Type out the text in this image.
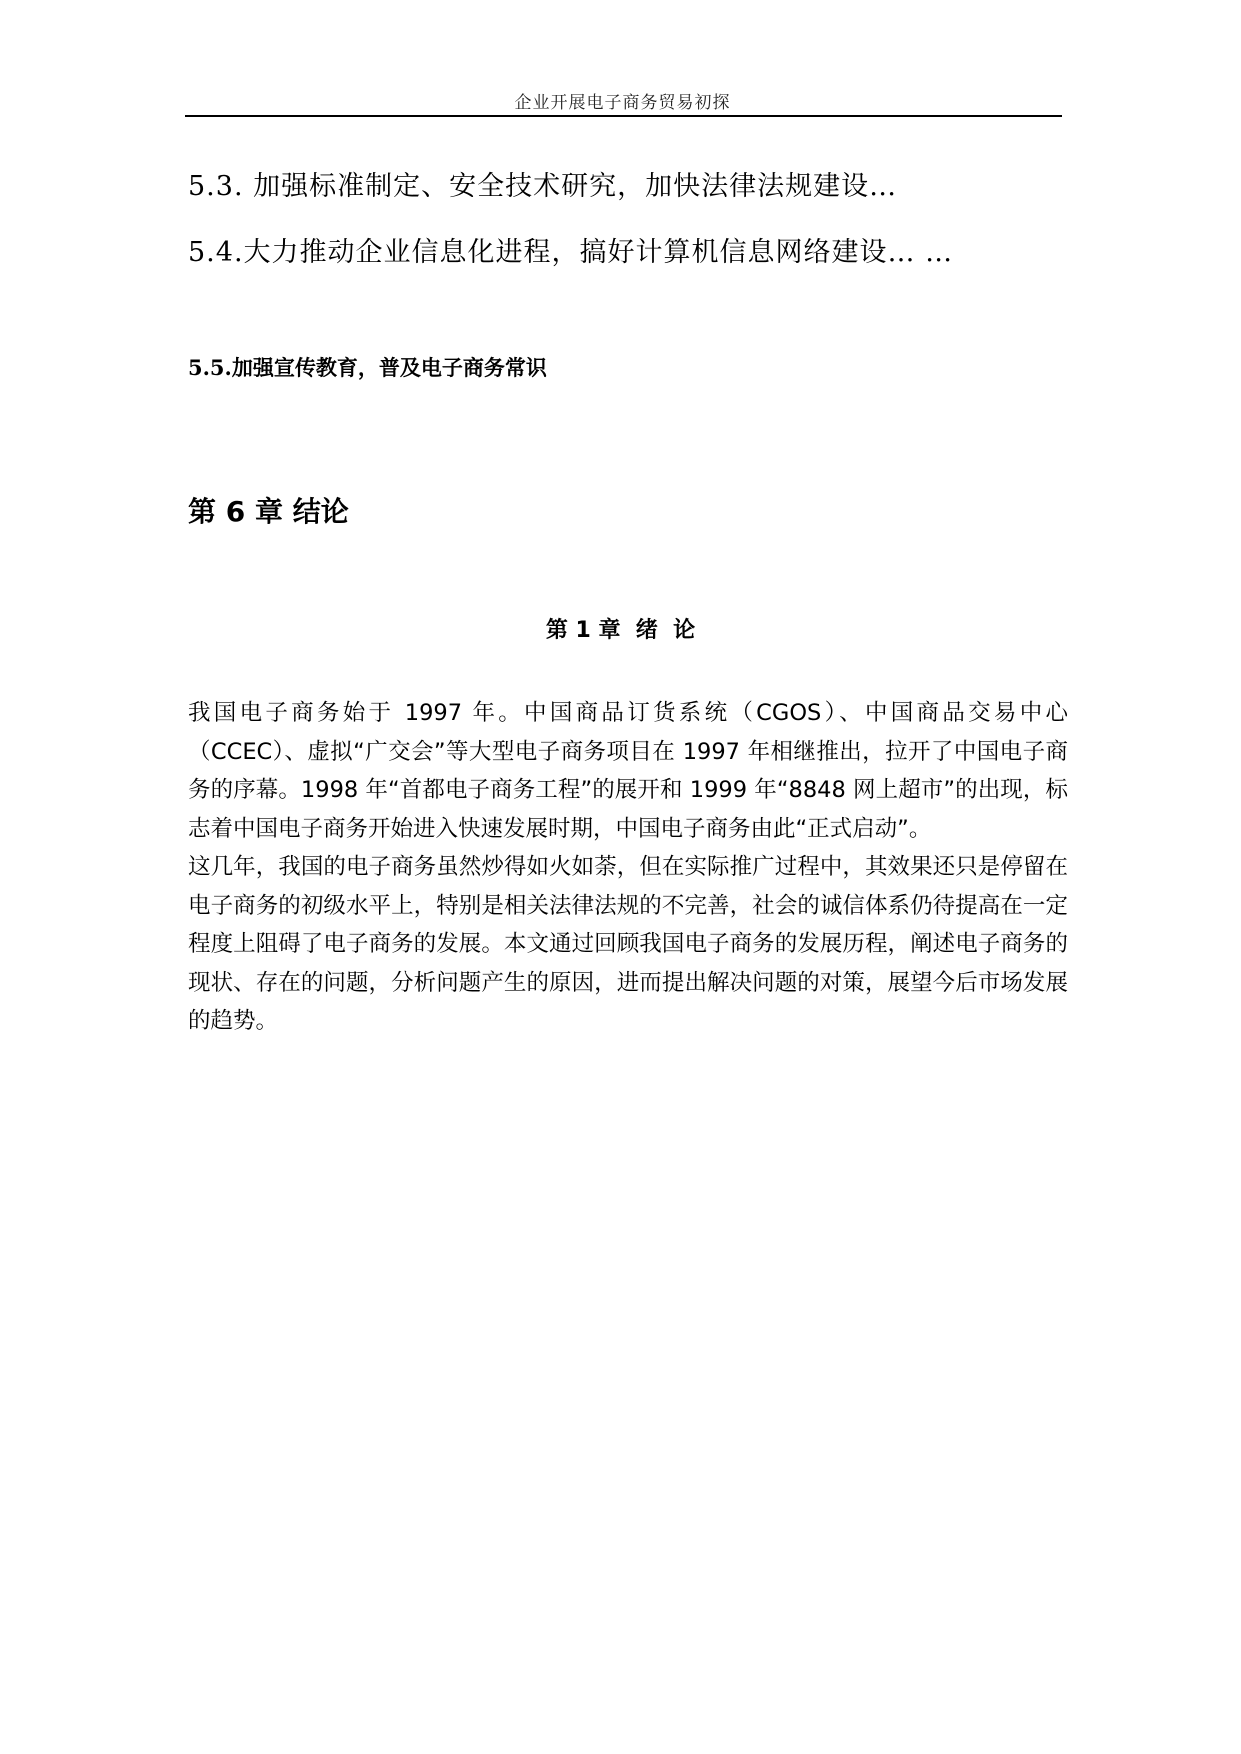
企业开展电子商务贸易初探
5.3. 加强标准制定、安全技术研究，加快法律法规建设…
5.4.大力推动企业信息化进程，搞好计算机信息网络建设… …
5.5.加强宣传教育，普及电子商务常识
第 6 章 结论
第 1 章  绪  论

我国电子商务始于 1997 年。中国商品订货系统（CGOS）、中国商品交易中心（CCEC）、虚拟“广交会”等大型电子商务项目在 1997 年相继推出，拉开了中国电子商务的序幕。1998 年“首都电子商务工程”的展开和 1999 年“8848 网上超市”的出现，标志着中国电子商务开始进入快速发展时期，中国电子商务由此“正式启动”。

这几年，我国的电子商务虽然炒得如火如荼，但在实际推广过程中，其效果还只是停留在电子商务的初级水平上，特别是相关法律法规的不完善，社会的诚信体系仍待提高在一定程度上阻碍了电子商务的发展。本文通过回顾我国电子商务的发展历程，阐述电子商务的现状、存在的问题，分析问题产生的原因，进而提出解决问题的对策，展望今后市场发展的趋势。
